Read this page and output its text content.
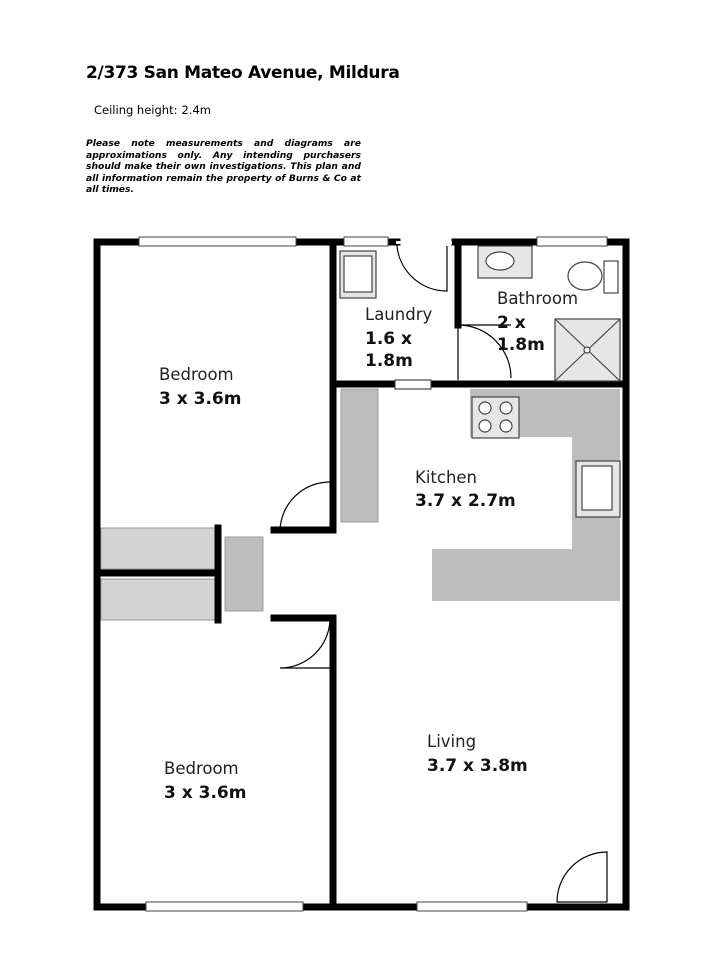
2/373 San Mateo Avenue, Mildura
Ceiling height: 2.4m
Please note measurements and diagrams are approximations only. Any intending purchasers should make their own investigations. This plan and all information remain the property of Burns & Co at all times.
Bedroom
3 x 3.6m
Laundry
1.6 x
1.8m
Bathroom
2 x
1.8m
Kitchen
3.7 x 2.7m
Living
3.7 x 3.8m
Bedroom
3 x 3.6m
